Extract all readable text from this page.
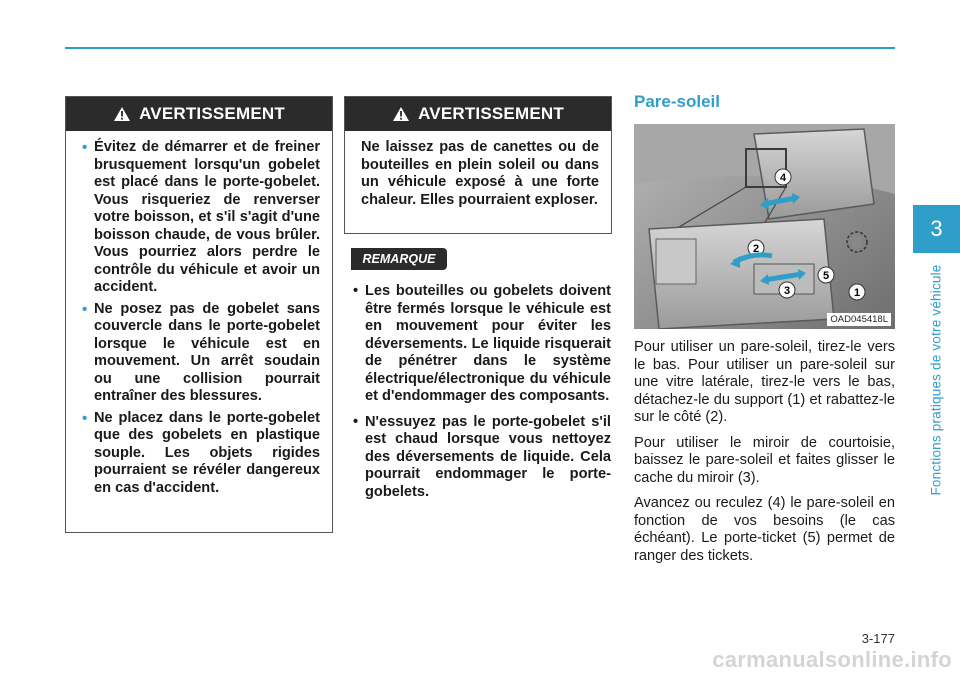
AVERTISSEMENT
• Évitez de démarrer et de freiner brusquement lorsqu'un gobelet est placé dans le porte-gobelet. Vous risqueriez de renverser votre boisson, et s'il s'agit d'une boisson chaude, de vous brûler. Vous pourriez alors perdre le contrôle du véhicule et avoir un accident.
• Ne posez pas de gobelet sans couvercle dans le porte-gobelet lorsque le véhicule est en mouvement. Un arrêt soudain ou une collision pourrait entraîner des blessures.
• Ne placez dans le porte-gobelet que des gobelets en plastique souple. Les objets rigides pourraient se révéler dangereux en cas d'accident.
AVERTISSEMENT

Ne laissez pas de canettes ou de bouteilles en plein soleil ou dans un véhicule exposé à une forte chaleur. Elles pourraient exploser.

REMARQUE
• Les bouteilles ou gobelets doivent être fermés lorsque le véhicule est en mouvement pour éviter les déversements. Le liquide risquerait de pénétrer dans le système électrique/électronique du véhicule et d'endommager des composants.
• N'essuyez pas le porte-gobelet s'il est chaud lorsque vous nettoyez des déversements de liquide. Cela pourrait endommager le porte-gobelets.
Pare-soleil
1
2
3
4
5
OAD045418L

Pour utiliser un pare-soleil, tirez-le vers le bas. Pour utiliser un pare-soleil sur une vitre latérale, tirez-le vers le bas, détachez-le du support (1) et rabattez-le sur le côté (2).

Pour utiliser le miroir de courtoisie, baissez le pare-soleil et faites glisser le cache du miroir (3).

Avancez ou reculez (4) le pare-soleil en fonction de vos besoins (le cas échéant). Le porte-ticket (5) permet de ranger des tickets.

3
Fonctions pratiques de votre véhicule
3-177
carmanualsonline.info
